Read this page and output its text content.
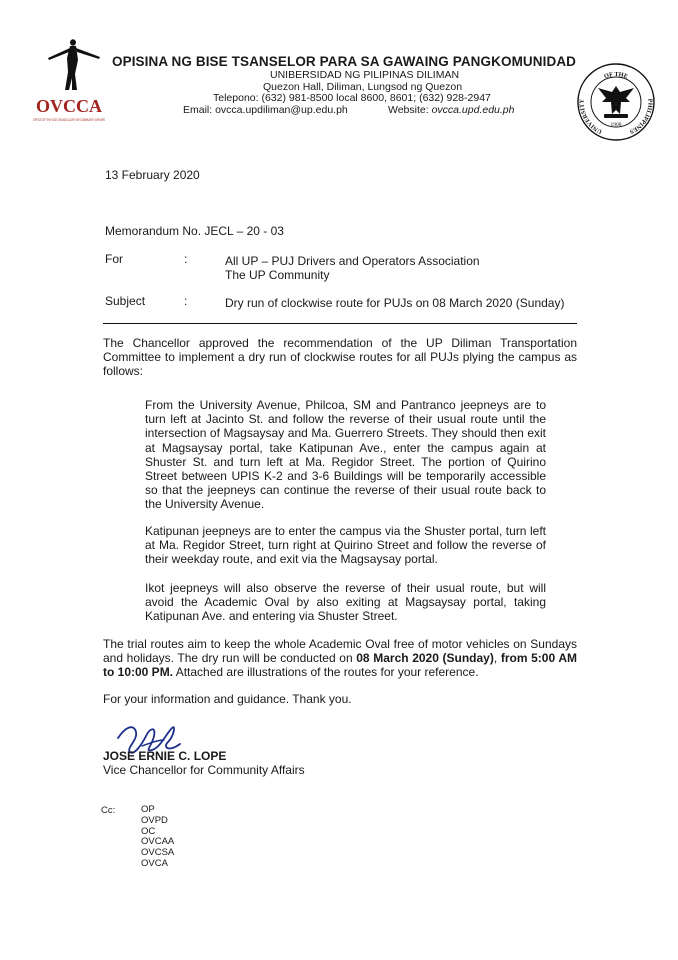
OVCCA
OFFICE OF THE VICE CHANCELLOR FOR COMMUNITY AFFAIRS
OPISINA NG BISE TSANSELOR PARA SA GAWAING PANGKOMUNIDAD
UNIBERSIDAD NG PILIPINAS DILIMAN
Quezon Hall, Diliman, Lungsod ng Quezon
Telepono: (632) 981-8500 local 8600, 8601; (632) 928-2947
Email: ovcca.updiliman@up.edu.ph	Website: ovcca.upd.edu.ph
OF THE
UNIVERSITY	PHILIPPINES
1908
13 February 2020
Memorandum No. JECL – 20 - 03
For	:	All UP – PUJ Drivers and Operators Association
The UP Community
Subject	:	Dry run of clockwise route for PUJs on 08 March 2020 (Sunday)
The Chancellor approved the recommendation of the UP Diliman Transportation Committee to implement a dry run of clockwise routes for all PUJs plying the campus as follows:
From the University Avenue, Philcoa, SM and Pantranco jeepneys are to turn left at Jacinto St. and follow the reverse of their usual route until the intersection of Magsaysay and Ma. Guerrero Streets. They should then exit at Magsaysay portal, take Katipunan Ave., enter the campus again at Shuster St. and turn left at Ma. Regidor Street. The portion of Quirino Street between UPIS K-2 and 3-6 Buildings will be temporarily accessible so that the jeepneys can continue the reverse of their usual route back to the University Avenue.
Katipunan jeepneys are to enter the campus via the Shuster portal, turn left at Ma. Regidor Street, turn right at Quirino Street and follow the reverse of their weekday route, and exit via the Magsaysay portal.
Ikot jeepneys will also observe the reverse of their usual route, but will avoid the Academic Oval by also exiting at Magsaysay portal, taking Katipunan Ave. and entering via Shuster Street.
The trial routes aim to keep the whole Academic Oval free of motor vehicles on Sundays and holidays. The dry run will be conducted on 08 March 2020 (Sunday), from 5:00 AM to 10:00 PM. Attached are illustrations of the routes for your reference.
For your information and guidance. Thank you.
JOSE ERNIE C. LOPE
Vice Chancellor for Community Affairs
Cc:	OP
OVPD
OC
OVCAA
OVCSA
OVCA
